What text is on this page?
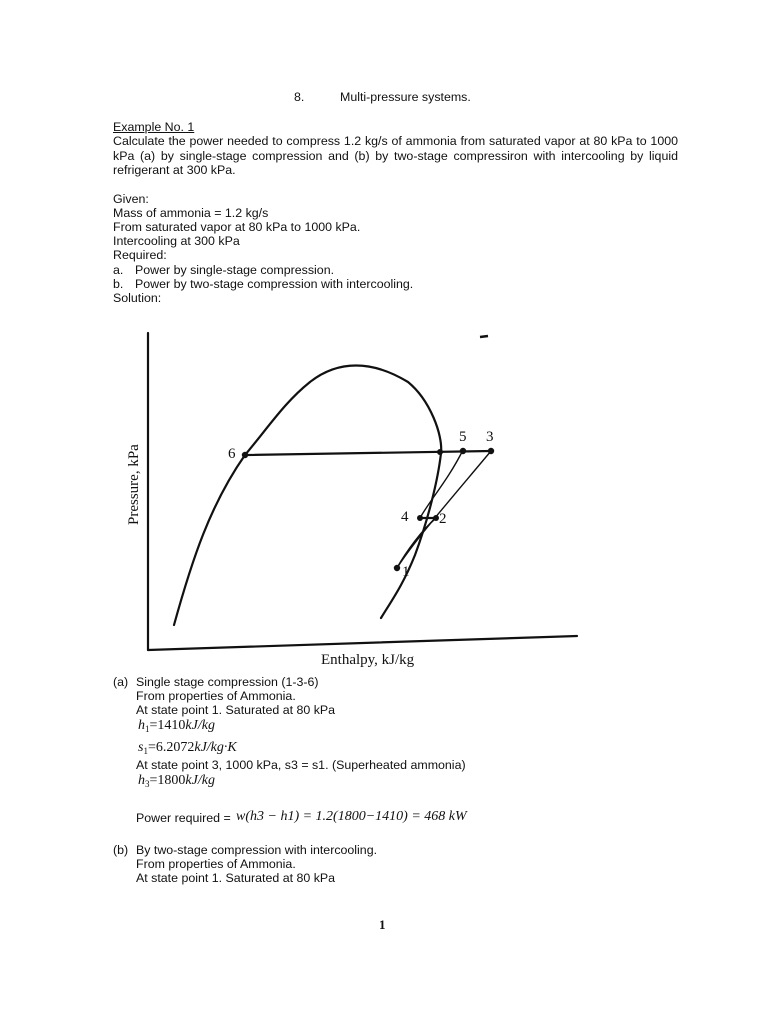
8.	Multi-pressure systems.
Example No. 1
Calculate the power needed to compress 1.2 kg/s of ammonia from saturated vapor at 80 kPa to 1000 kPa (a) by single-stage compression and (b) by two-stage compressiron with intercooling by liquid refrigerant at 300 kPa.
Given:
Mass of ammonia = 1.2 kg/s
From saturated vapor at 80 kPa to 1000 kPa.
Intercooling at 300 kPa
Required:
a. Power by single-stage compression.
b. Power by two-stage compression with intercooling.
Solution:
6
5 3
4 2
1
Pressure, kPa
Enthalpy, kJ/kg
(a) Single stage compression (1-3-6)
From properties of Ammonia.
At state point 1. Saturated at 80 kPa
$h_1=1410kJ/kg$
$s_1=6.2072kJ/kg\cdot K$
At state point 3, 1000 kPa, s3 = s1. (Superheated ammonia)
$h_3=1800kJ/kg$
Power required = w(h3 − h1) = 1.2(1800−1410) = 468 kW
(b) By two-stage compression with intercooling.
From properties of Ammonia.
At state point 1. Saturated at 80 kPa
1
